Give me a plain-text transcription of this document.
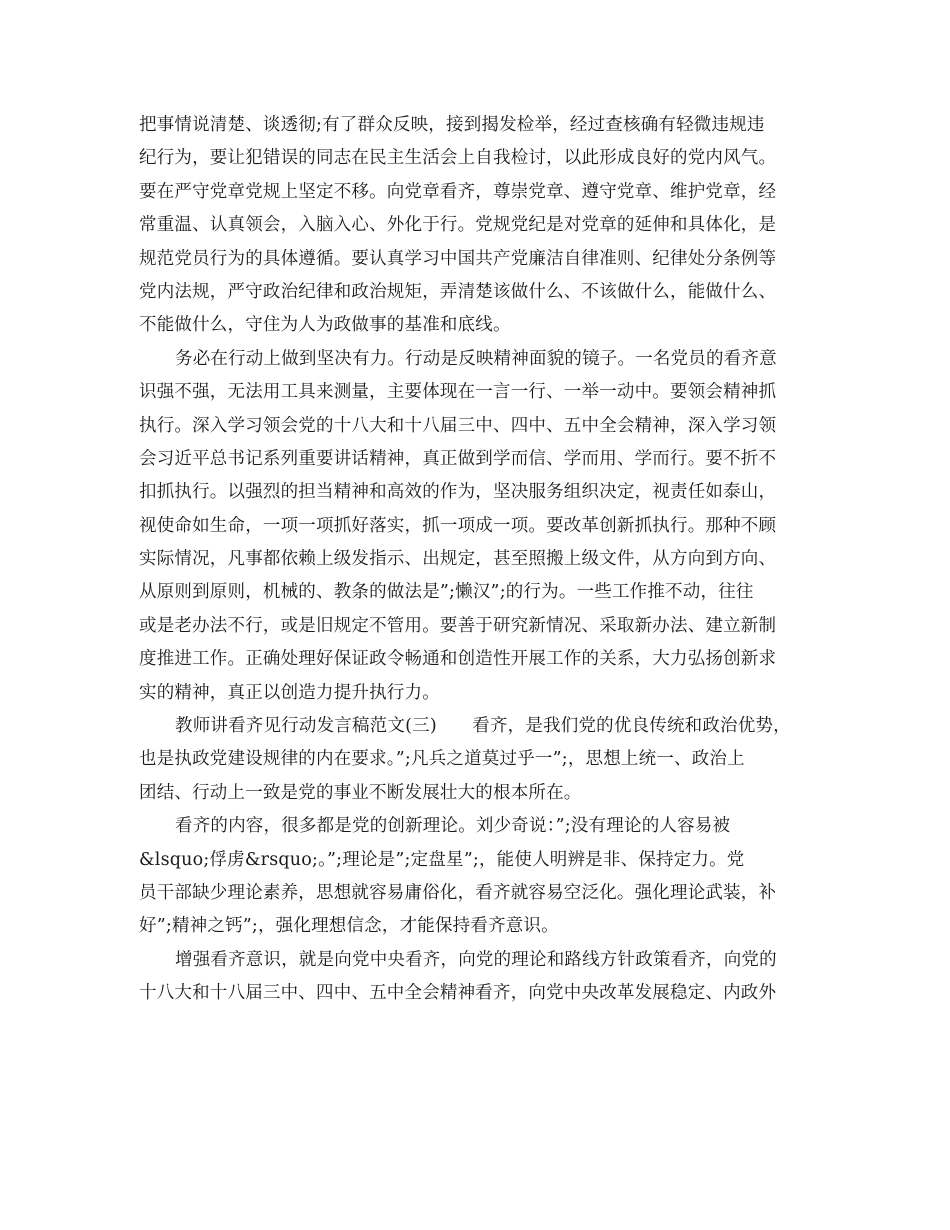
把事情说清楚、谈透彻;有了群众反映，接到揭发检举，经过查核确有轻微违规违
纪行为，要让犯错误的同志在民主生活会上自我检讨，以此形成良好的党内风气。
要在严守党章党规上坚定不移。向党章看齐，尊崇党章、遵守党章、维护党章，经
常重温、认真领会，入脑入心、外化于行。党规党纪是对党章的延伸和具体化，是
规范党员行为的具体遵循。要认真学习中国共产党廉洁自律准则、纪律处分条例等
党内法规，严守政治纪律和政治规矩，弄清楚该做什么、不该做什么，能做什么、
不能做什么，守住为人为政做事的基准和底线。
务必在行动上做到坚决有力。行动是反映精神面貌的镜子。一名党员的看齐意
识强不强，无法用工具来测量，主要体现在一言一行、一举一动中。要领会精神抓
执行。深入学习领会党的十八大和十八届三中、四中、五中全会精神，深入学习领
会习近平总书记系列重要讲话精神，真正做到学而信、学而用、学而行。要不折不
扣抓执行。以强烈的担当精神和高效的作为，坚决服务组织决定，视责任如泰山，
视使命如生命，一项一项抓好落实，抓一项成一项。要改革创新抓执行。那种不顾
实际情况，凡事都依赖上级发指示、出规定，甚至照搬上级文件，从方向到方向、
从原则到原则，机械的、教条的做法是”;懒汉”;的行为。一些工作推不动，往往
或是老办法不行，或是旧规定不管用。要善于研究新情况、采取新办法、建立新制
度推进工作。正确处理好保证政令畅通和创造性开展工作的关系，大力弘扬创新求
实的精神，真正以创造力提升执行力。
教师讲看齐见行动发言稿范文(三)　　看齐，是我们党的优良传统和政治优势，
也是执政党建设规律的内在要求。”;凡兵之道莫过乎一”;，思想上统一、政治上
团结、行动上一致是党的事业不断发展壮大的根本所在。
看齐的内容，很多都是党的创新理论。刘少奇说：”;没有理论的人容易被
&lsquo;俘虏&rsquo;。”;理论是”;定盘星”;，能使人明辨是非、保持定力。党
员干部缺少理论素养，思想就容易庸俗化，看齐就容易空泛化。强化理论武装，补
好”;精神之钙”;，强化理想信念，才能保持看齐意识。
增强看齐意识，就是向党中央看齐，向党的理论和路线方针政策看齐，向党的
十八大和十八届三中、四中、五中全会精神看齐，向党中央改革发展稳定、内政外
